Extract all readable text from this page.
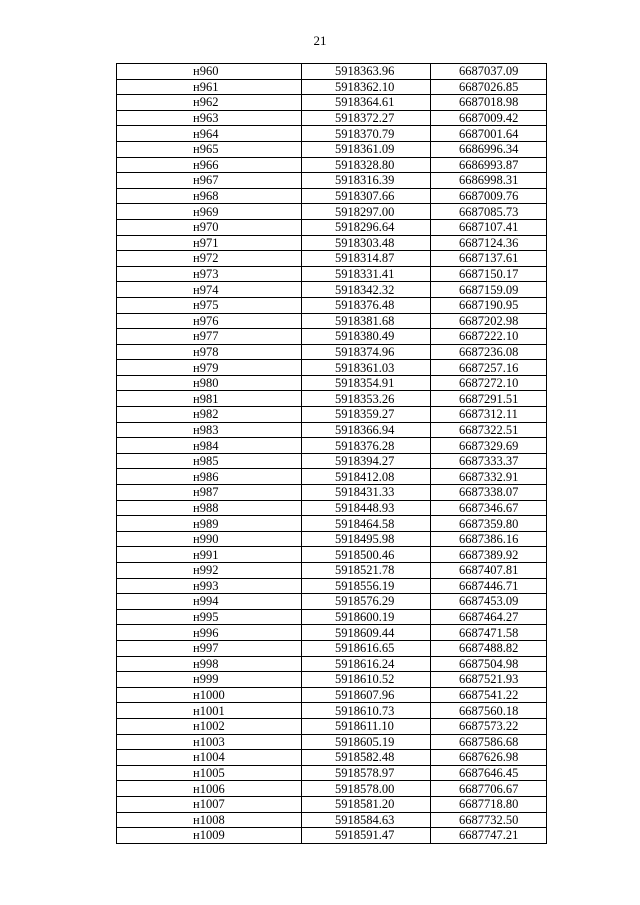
21
н960	5918363.96	6687037.09
н961	5918362.10	6687026.85
н962	5918364.61	6687018.98
н963	5918372.27	6687009.42
н964	5918370.79	6687001.64
н965	5918361.09	6686996.34
н966	5918328.80	6686993.87
н967	5918316.39	6686998.31
н968	5918307.66	6687009.76
н969	5918297.00	6687085.73
н970	5918296.64	6687107.41
н971	5918303.48	6687124.36
н972	5918314.87	6687137.61
н973	5918331.41	6687150.17
н974	5918342.32	6687159.09
н975	5918376.48	6687190.95
н976	5918381.68	6687202.98
н977	5918380.49	6687222.10
н978	5918374.96	6687236.08
н979	5918361.03	6687257.16
н980	5918354.91	6687272.10
н981	5918353.26	6687291.51
н982	5918359.27	6687312.11
н983	5918366.94	6687322.51
н984	5918376.28	6687329.69
н985	5918394.27	6687333.37
н986	5918412.08	6687332.91
н987	5918431.33	6687338.07
н988	5918448.93	6687346.67
н989	5918464.58	6687359.80
н990	5918495.98	6687386.16
н991	5918500.46	6687389.92
н992	5918521.78	6687407.81
н993	5918556.19	6687446.71
н994	5918576.29	6687453.09
н995	5918600.19	6687464.27
н996	5918609.44	6687471.58
н997	5918616.65	6687488.82
н998	5918616.24	6687504.98
н999	5918610.52	6687521.93
н1000	5918607.96	6687541.22
н1001	5918610.73	6687560.18
н1002	5918611.10	6687573.22
н1003	5918605.19	6687586.68
н1004	5918582.48	6687626.98
н1005	5918578.97	6687646.45
н1006	5918578.00	6687706.67
н1007	5918581.20	6687718.80
н1008	5918584.63	6687732.50
н1009	5918591.47	6687747.21
